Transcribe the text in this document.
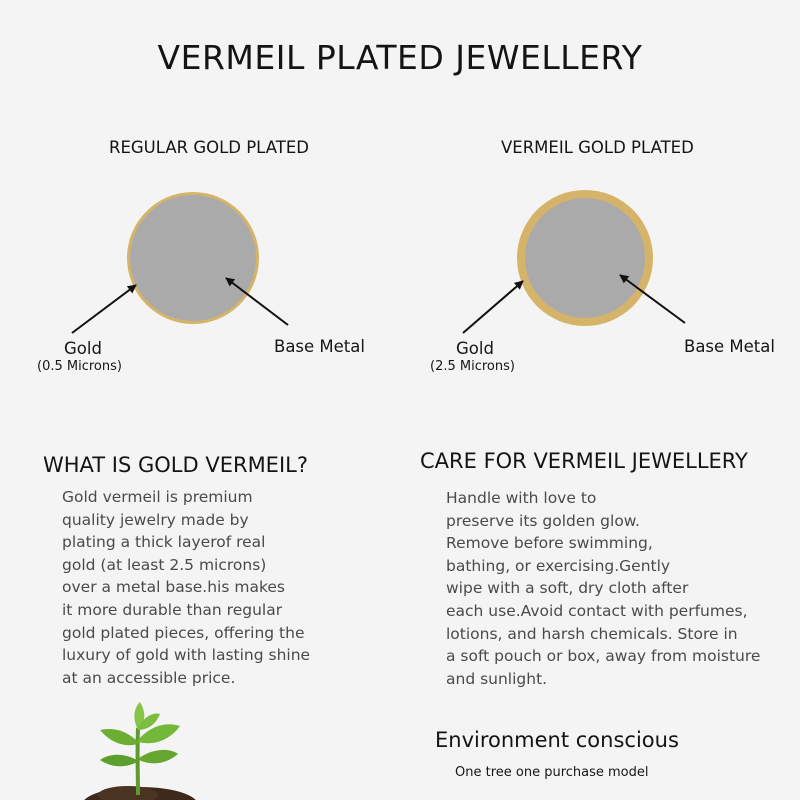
VERMEIL PLATED JEWELLERY
REGULAR GOLD PLATED	VERMEIL GOLD PLATED
Gold
(0.5 Microns)
Base Metal	Gold
(2.5 Microns)
Base Metal
WHAT IS GOLD VERMEIL?
Gold vermeil is premium
quality jewelry made by
plating a thick layerof real
gold (at least 2.5 microns)
over a metal base.his makes
it more durable than regular
gold plated pieces, offering the
luxury of gold with lasting shine
at an accessible price.
CARE FOR VERMEIL JEWELLERY
Handle with love to
preserve its golden glow.
Remove before swimming,
bathing, or exercising.Gently
wipe with a soft, dry cloth after
each use.Avoid contact with perfumes,
lotions, and harsh chemicals. Store in
a soft pouch or box, away from moisture
and sunlight.
Environment conscious
One tree one purchase model
